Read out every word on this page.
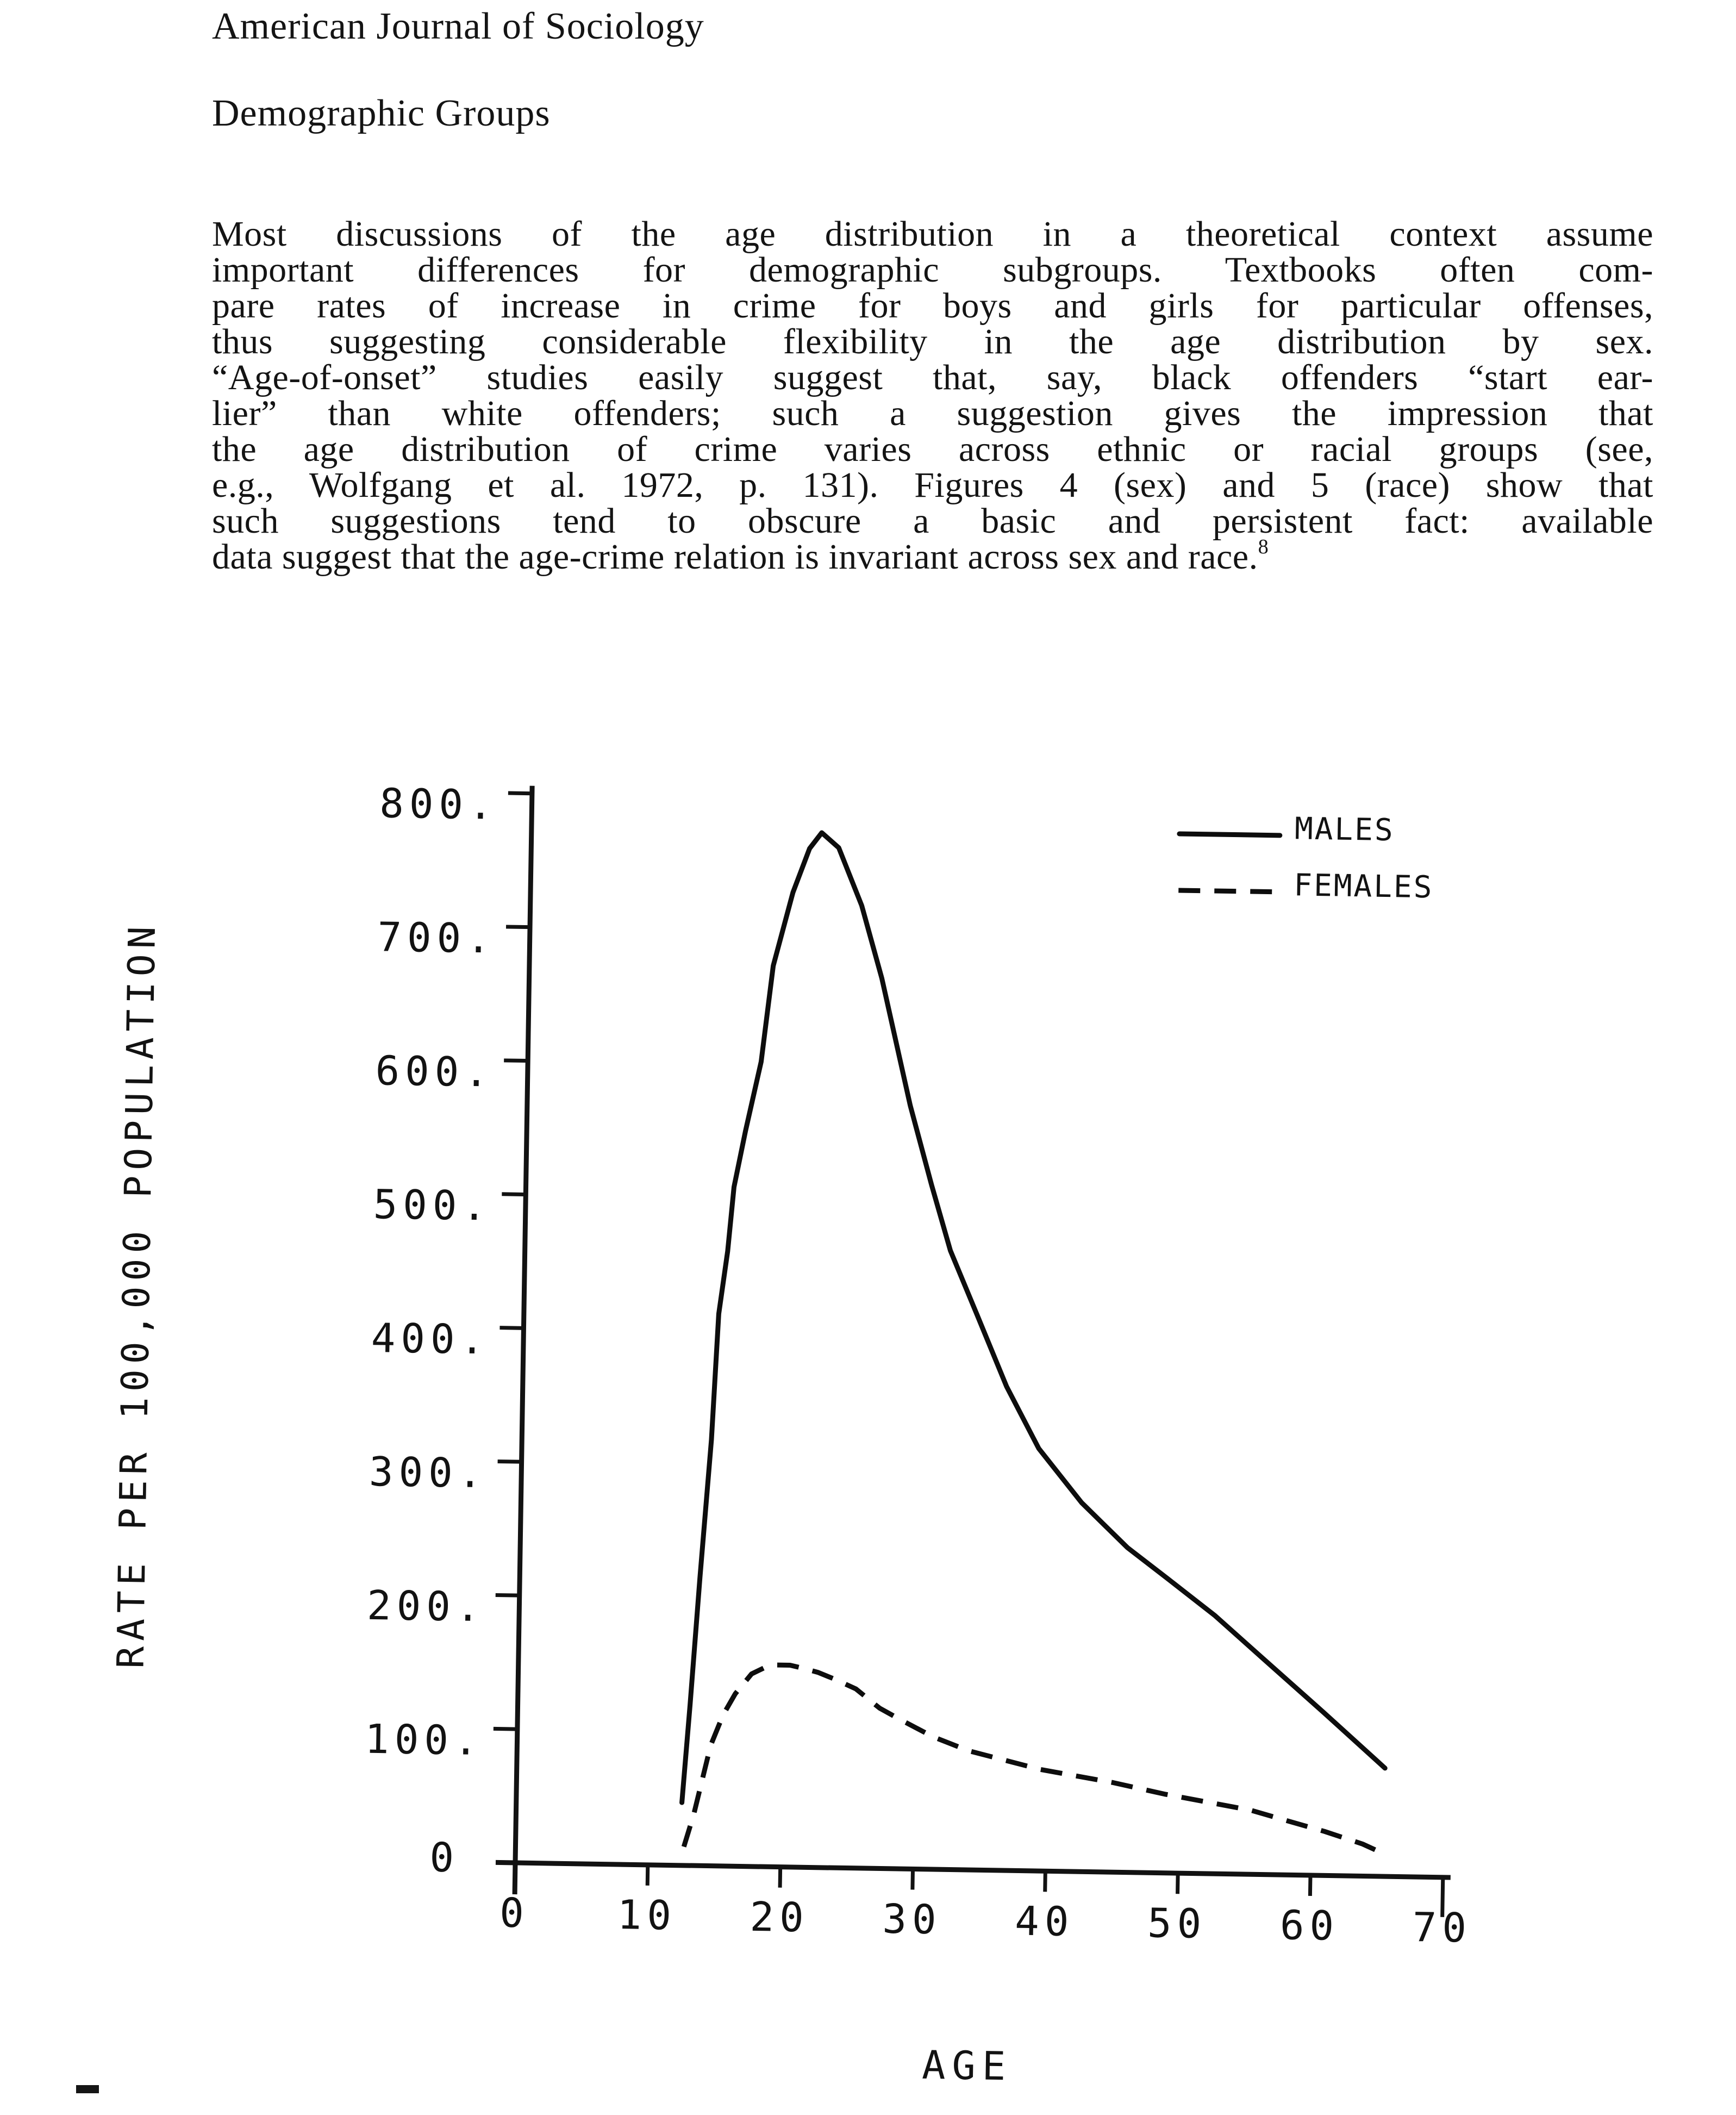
American Journal of Sociology
Demographic Groups
Most discussions of the age distribution in a theoretical context assume
important differences for demographic subgroups. Textbooks often com-
pare rates of increase in crime for boys and girls for particular offenses,
thus suggesting considerable flexibility in the age distribution by sex.
“Age-of-onset” studies easily suggest that, say, black offenders “start ear-
lier” than white offenders; such a suggestion gives the impression that
the age distribution of crime varies across ethnic or racial groups (see,
e.g., Wolfgang et al. 1972, p. 131). Figures 4 (sex) and 5 (race) show that
such suggestions tend to obscure a basic and persistent fact: available
data suggest that the age-crime relation is invariant across sex and race.$^8$
0
100.
200.
300.
400.
500.
600.
700.
800.
0 10 20 30 40 50 60 70
MALES
FEMALES
RATE PER 100,000 POPULATION
AGE
